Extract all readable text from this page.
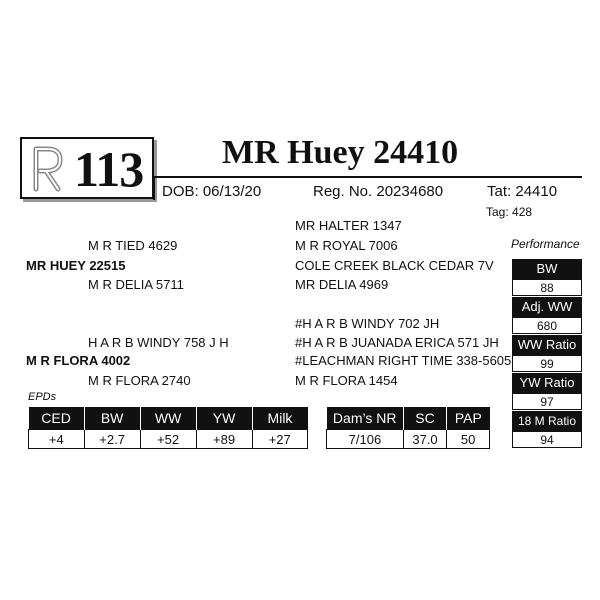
113 MR Huey 24410
DOB: 06/13/20	Reg. No. 20234680	Tat: 24410
Tag: 428
MR HALTER 1347
M R TIED 4629	M R ROYAL 7006
MR HUEY 22515	COLE CREEK BLACK CEDAR 7V
M R DELIA 5711	MR DELIA 4969
#H A R B WINDY 702 JH
H A R B WINDY 758 J H	#H A R B JUANADA ERICA 571 JH
M R FLORA 4002	#LEACHMAN RIGHT TIME 338-5605
M R FLORA 2740	M R FLORA 1454
Performance
BW
88
Adj. WW
680
WW Ratio
99
YW Ratio
97
18 M Ratio
94
EPDs
CED	BW	WW	YW	Milk
+4	+2.7	+52	+89	+27
Dam’s NR	SC	PAP
7/106	37.0	50
